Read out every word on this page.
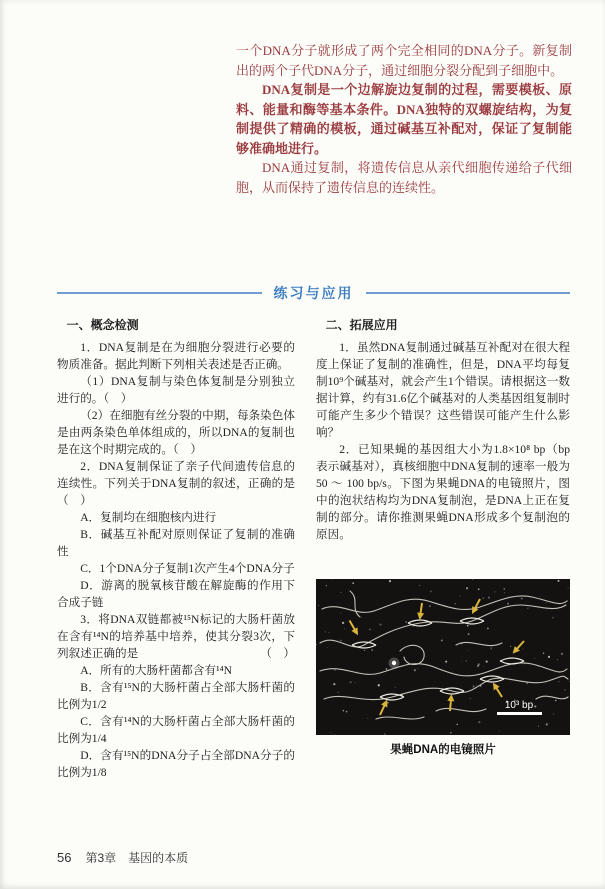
一个DNA分子就形成了两个完全相同的DNA分子。新复制出的两个子代DNA分子，通过细胞分裂分配到子细胞中。

DNA复制是一个边解旋边复制的过程，需要模板、原料、能量和酶等基本条件。DNA独特的双螺旋结构，为复制提供了精确的模板，通过碱基互补配对，保证了复制能够准确地进行。

DNA通过复制，将遗传信息从亲代细胞传递给子代细胞，从而保持了遗传信息的连续性。

练习与应用

一、概念检测

1．DNA复制是在为细胞分裂进行必要的物质准备。据此判断下列相关表述是否正确。

（1）DNA复制与染色体复制是分别独立进行的。（　）

（2）在细胞有丝分裂的中期，每条染色体是由两条染色单体组成的，所以DNA的复制也是在这个时期完成的。（　）

2．DNA复制保证了亲子代间遗传信息的连续性。下列关于DNA复制的叙述，正确的是（　）

A．复制均在细胞核内进行

B．碱基互补配对原则保证了复制的准确性

C．1个DNA分子复制1次产生4个DNA分子

D．游离的脱氧核苷酸在解旋酶的作用下合成子链

3．将DNA双链都被¹⁵N标记的大肠杆菌放在含有¹⁴N的培养基中培养，使其分裂3次，下列叙述正确的是	（　）

A．所有的大肠杆菌都含有¹⁴N

B．含有¹⁵N的大肠杆菌占全部大肠杆菌的比例为1/2

C．含有¹⁴N的大肠杆菌占全部大肠杆菌的比例为1/4

D．含有¹⁵N的DNA分子占全部DNA分子的比例为1/8

二、拓展应用

1．虽然DNA复制通过碱基互补配对在很大程度上保证了复制的准确性，但是，DNA平均每复制10⁹个碱基对，就会产生1个错误。请根据这一数据计算，约有31.6亿个碱基对的人类基因组复制时可能产生多少个错误？这些错误可能产生什么影响？

2．已知果蝇的基因组大小为1.8×10⁸ bp（bp表示碱基对），真核细胞中DNA复制的速率一般为50 ～ 100 bp/s。下图为果蝇DNA的电镜照片，图中的泡状结构均为DNA复制泡，是DNA上正在复制的部分。请你推测果蝇DNA形成多个复制泡的原因。

10³ bp
果蝇DNA的电镜照片
56 第3章　基因的本质
